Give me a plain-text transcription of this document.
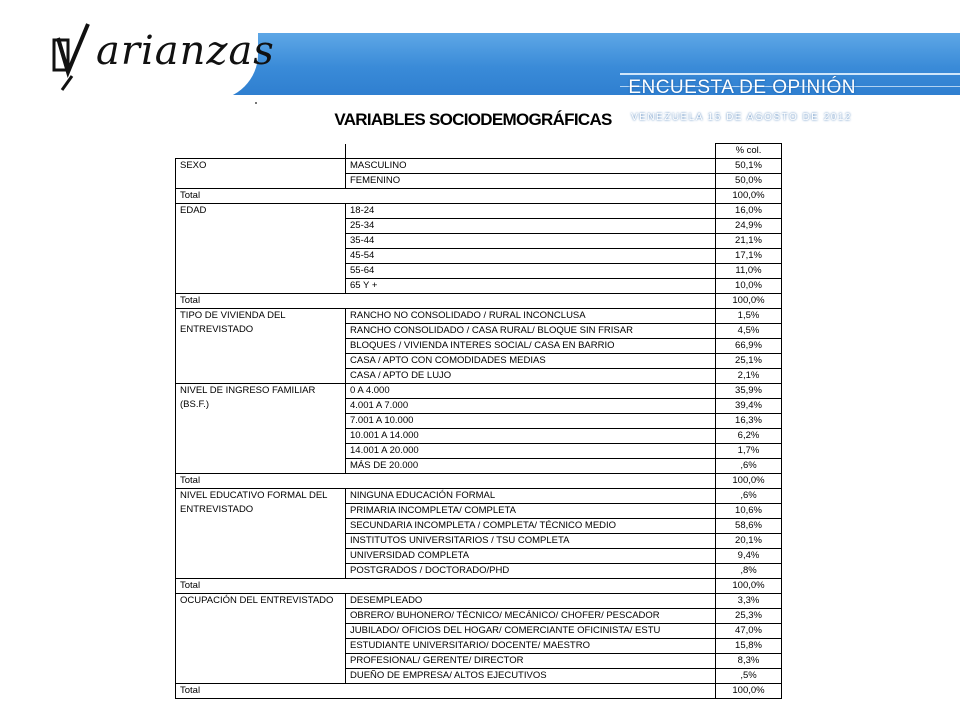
ENCUESTA DE OPINIÓN
VENEZUELA 15 DE AGOSTO DE 2012
arianzas
VARIABLES SOCIODEMOGRÁFICAS
		% col.
SEXO	MASCULINO	50,1%
	FEMENINO	50,0%
Total		100,0%
EDAD	18-24	16,0%
	25-34	24,9%
	35-44	21,1%
	45-54	17,1%
	55-64	11,0%
	65 Y +	10,0%
Total		100,0%
TIPO DE VIVIENDA DEL ENTREVISTADO	RANCHO NO CONSOLIDADO / RURAL INCONCLUSA	1,5%
	RANCHO CONSOLIDADO / CASA RURAL/ BLOQUE SIN FRISAR	4,5%
	BLOQUES / VIVIENDA INTERES SOCIAL/ CASA EN BARRIO	66,9%
	CASA / APTO CON COMODIDADES MEDIAS	25,1%
	CASA / APTO DE LUJO	2,1%
NIVEL DE INGRESO FAMILIAR (BS.F.)	0 A 4.000	35,9%
	4.001 A 7.000	39,4%
	7.001 A 10.000	16,3%
	10.001 A 14.000	6,2%
	14.001 A 20.000	1,7%
	MÁS DE 20.000	,6%
Total		100,0%
NIVEL EDUCATIVO FORMAL DEL ENTREVISTADO	NINGUNA EDUCACIÓN FORMAL	,6%
	PRIMARIA INCOMPLETA/ COMPLETA	10,6%
	SECUNDARIA INCOMPLETA / COMPLETA/ TÉCNICO MEDIO	58,6%
	INSTITUTOS UNIVERSITARIOS / TSU COMPLETA	20,1%
	UNIVERSIDAD COMPLETA	9,4%
	POSTGRADOS / DOCTORADO/PHD	,8%
Total		100,0%
OCUPACIÓN DEL ENTREVISTADO	DESEMPLEADO	3,3%
	OBRERO/ BUHONERO/ TÉCNICO/ MECÁNICO/ CHOFER/ PESCADOR	25,3%
	JUBILADO/ OFICIOS DEL HOGAR/ COMERCIANTE OFICINISTA/ ESTU	47,0%
	ESTUDIANTE UNIVERSITARIO/ DOCENTE/ MAESTRO	15,8%
	PROFESIONAL/ GERENTE/ DIRECTOR	8,3%
	DUEÑO DE EMPRESA/ ALTOS EJECUTIVOS	,5%
Total		100,0%
